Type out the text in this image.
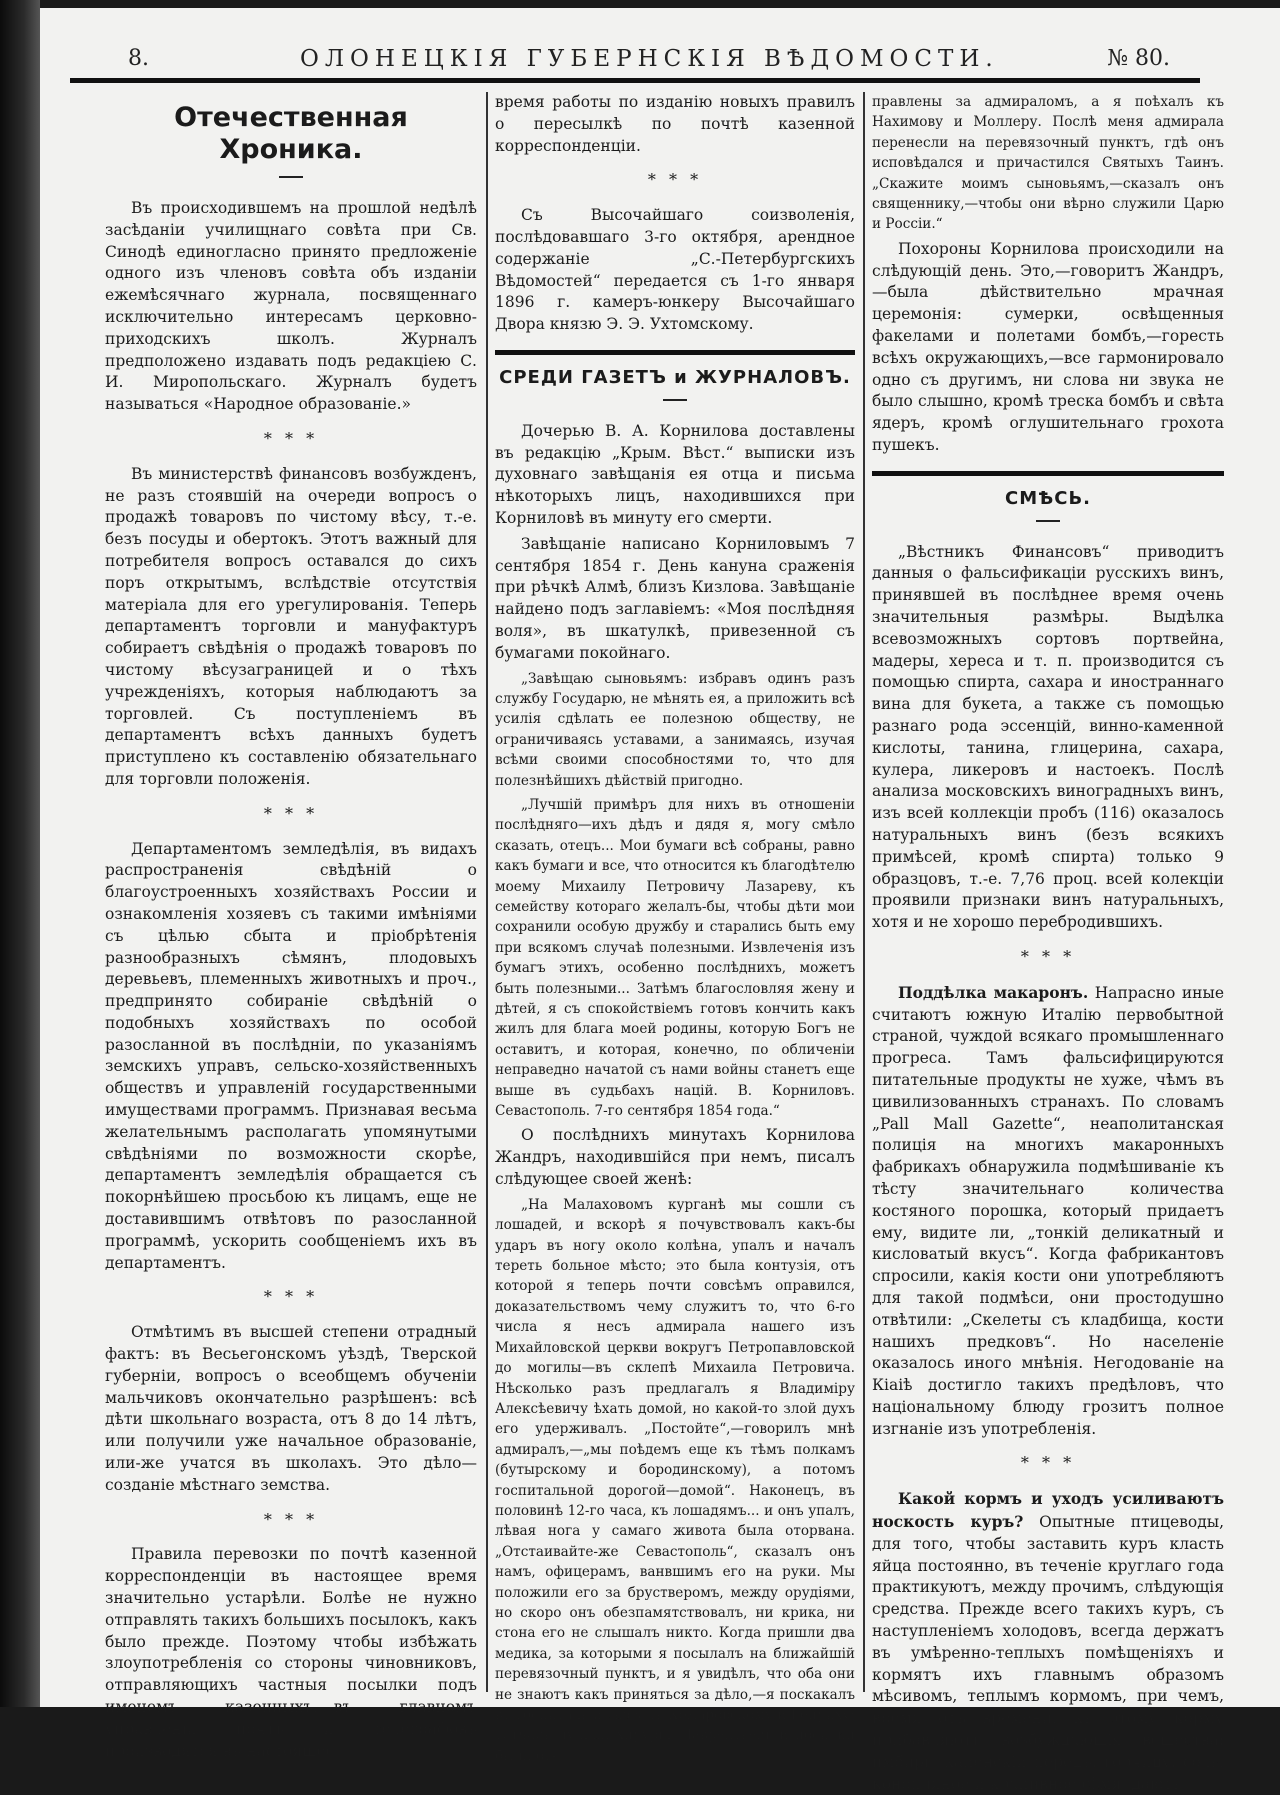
8.	ОЛОНЕЦКІЯ ГУБЕРНСКІЯ ВѢДОМОСТИ.	№ 80.
Отечественная Хроника.

Въ происходившемъ на прошлой недѣлѣ засѣданіи училищнаго совѣта при Св. Синодѣ единогласно принято предложеніе одного изъ членовъ совѣта объ изданіи ежемѣсячнаго журнала, посвященнаго исключительно интересамъ церковно-приходскихъ школъ. Журналъ предположено издавать подъ редакціею С. И. Миропольскаго. Журналъ будетъ называться «Народное образованіе.»

* * *

Въ министерствѣ финансовъ возбужденъ, не разъ стоявшій на очереди вопросъ о продажѣ товаровъ по чистому вѣсу, т.-е. безъ посуды и обертокъ. Этотъ важный для потребителя вопросъ оставался до сихъ поръ открытымъ, вслѣдствіе отсутствія матеріала для его урегулированія. Теперь департаментъ торговли и мануфактуръ собираетъ свѣдѣнія о продажѣ товаровъ по чистому вѣсузаграницей и о тѣхъ учрежденіяхъ, которыя наблюдаютъ за торговлей. Съ поступленіемъ въ департаментъ всѣхъ данныхъ будетъ приступлено къ составленію обязательнаго для торговли положенія.

* * *

Департаментомъ земледѣлія, въ видахъ распространенія свѣдѣній о благоустроенныхъ хозяйствахъ России и ознакомленія хозяевъ съ такими имѣніями съ цѣлью сбыта и пріобрѣтенія разнообразныхъ сѣмянъ, плодовыхъ деревьевъ, племенныхъ животныхъ и проч., предпринято собираніе свѣдѣній о подобныхъ хозяйствахъ по особой разосланной въ послѣдніи, по указаніямъ земскихъ управъ, сельско-хозяйственныхъ обществъ и управленій государственными имуществами программъ. Признавая весьма желательнымъ располагать упомянутыми свѣдѣніями по возможности скорѣе, департаментъ земледѣлія обращается съ покорнѣйшею просьбою къ лицамъ, еще не доставившимъ отвѣтовъ по разосланной программѣ, ускорить сообщеніемъ ихъ въ департаментъ.

* * *

Отмѣтимъ въ высшей степени отрадный фактъ: въ Весьегонскомъ уѣздѣ, Тверской губерніи, вопросъ о всеобщемъ обученіи мальчиковъ окончательно разрѣшенъ: всѣ дѣти школьнаго возраста, отъ 8 до 14 лѣтъ, или получили уже начальное образованіе, или-же учатся въ школахъ. Это дѣло—созданіе мѣстнаго земства.

* * *

Правила перевозки по почтѣ казенной корреспонденціи въ настоящее время значительно устарѣли. Болѣе не нужно отправлять такихъ большихъ посылокъ, какъ было прежде. Поэтому чтобы избѣжать злоупотребленія со стороны чиновниковъ, отправляющихъ частныя посылки подъ именемъ казенныхъ,—въ главномъ управленіи почтъ и телеграфовъ производятся въ настоящее

время работы по изданію новыхъ правилъ о пересылкѣ по почтѣ казенной корреспонденціи.

* * *

Съ Высочайшаго соизволенія, послѣдовавшаго 3-го октября, арендное содержаніе „С.-Петербургскихъ Вѣдомостей“ передается съ 1-го января 1896 г. камеръ-юнкеру Высочайшаго Двора князю Э. Э. Ухтомскому.

СРЕДИ ГАЗЕТЪ и ЖУРНАЛОВЪ.

Дочерью В. А. Корнилова доставлены въ редакцію „Крым. Вѣст.“ выписки изъ духовнаго завѣщанія ея отца и письма нѣкоторыхъ лицъ, находившихся при Корниловѣ въ минуту его смерти.

Завѣщаніе написано Корниловымъ 7 сентября 1854 г. День кануна сраженія при рѣчкѣ Алмѣ, близъ Кизлова. Завѣщаніе найдено подъ заглавіемъ: «Моя послѣдняя воля», въ шкатулкѣ, привезенной съ бумагами покойнаго.

„Завѣщаю сыновьямъ: избравъ одинъ разъ службу Государю, не мѣнять ея, а приложить всѣ усилія сдѣлать ее полезною обществу, не ограничиваясь уставами, а занимаясь, изучая всѣми своими способностями то, что для полезнѣйшихъ дѣйствій пригодно.

„Лучшій примѣръ для нихъ въ отношеніи послѣдняго—ихъ дѣдъ и дядя я, могу смѣло сказать, отецъ... Мои бумаги всѣ собраны, равно какъ бумаги и все, что относится къ благодѣтелю моему Михаилу Петровичу Лазареву, къ семейству котораго желалъ-бы, чтобы дѣти мои сохранили особую дружбу и старались быть ему при всякомъ случаѣ полезными. Извлеченія изъ бумагъ этихъ, особенно послѣднихъ, можетъ быть полезными... Затѣмъ благословляя жену и дѣтей, я съ спокойствіемъ готовъ кончить какъ жилъ для блага моей родины, которую Богъ не оставитъ, и которая, конечно, по обличеніи неправедно начатой съ нами войны станетъ еще выше въ судьбахъ націй. В. Корниловъ. Севастополь. 7-го сентября 1854 года.“

О послѣднихъ минутахъ Корнилова Жандръ, находившійся при немъ, писалъ слѣдующее своей женѣ:

„На Малаховомъ курганѣ мы сошли съ лошадей, и вскорѣ я почувствовалъ какъ-бы ударъ въ ногу около колѣна, упалъ и началъ тереть больное мѣсто; это была контузія, отъ которой я теперь почти совсѣмъ оправился, доказательствомъ чему служитъ то, что 6-го числа я несъ адмирала нашего изъ Михайловской церкви вокругъ Петропавловской до могилы—въ склепѣ Михаила Петровича. Нѣсколько разъ предлагалъ я Владиміру Алексѣевичу ѣхать домой, но какой-то злой духъ его удерживалъ. „Постойте“,—говорилъ мнѣ адмиралъ,—„мы поѣдемъ еще къ тѣмъ полкамъ (бутырскому и бородинскому), а потомъ госпитальной дорогой—домой“. Наконецъ, въ половинѣ 12-го часа, къ лошадямъ... и онъ упалъ, лѣвая нога у самаго живота была оторвана. „Отстаивайте-же Севастополь“, сказалъ онъ намъ, офицерамъ, ванвшимъ его на руки. Мы положили его за брустверомъ, между орудіями, но скоро онъ обезпамятствовалъ, ни крика, ни стона его не слышалъ никто. Когда пришли два медика, за которыми я посылалъ на ближайшій перевязочный пунктъ, и я увидѣлъ, что оба они не знаютъ какъ приняться за дѣло,—я поскакалъ въ госпиталь и сказалъ Комаровскому и Генриху; тотчасъ лучшій хирургъ Лаврентьевъ и носилки были от-

правлены за адмираломъ, а я поѣхалъ къ Нахимову и Моллеру. Послѣ меня адмирала перенесли на перевязочный пунктъ, гдѣ онъ исповѣдался и причастился Святыхъ Таинъ. „Скажите моимъ сыновьямъ,—сказалъ онъ священнику,—чтобы они вѣрно служили Царю и Россіи.“

Похороны Корнилова происходили на слѣдующій день. Это,—говоритъ Жандръ,—была дѣйствительно мрачная церемонія: сумерки, освѣщенныя факелами и полетами бомбъ,—горесть всѣхъ окружающихъ,—все гармонировало одно съ другимъ, ни слова ни звука не было слышно, кромѣ треска бомбъ и свѣта ядеръ, кромѣ оглушительнаго грохота пушекъ.

СМѢСЬ.

„Вѣстникъ Финансовъ“ приводитъ данныя о фальсификаціи русскихъ винъ, принявшей въ послѣднее время очень значительныя размѣры. Выдѣлка всевозможныхъ сортовъ портвейна, мадеры, хереса и т. п. производится съ помощью спирта, сахара и иностраннаго вина для букета, а также съ помощью разнаго рода эссенцій, винно-каменной кислоты, танина, глицерина, сахара, кулера, ликеровъ и настоекъ. Послѣ анализа московскихъ виноградныхъ винъ, изъ всей коллекціи пробъ (116) оказалось натуральныхъ винъ (безъ всякихъ примѣсей, кромѣ спирта) только 9 образцовъ, т.-е. 7,76 проц. всей колекціи проявили признаки винъ натуральныхъ, хотя и не хорошо перебродившихъ.

* * *

Поддѣлка макаронъ. Напрасно иные считаютъ южную Италію первобытной страной, чуждой всякаго промышленнаго прогреса. Тамъ фальсифицируются питательные продукты не хуже, чѣмъ въ цивилизованныхъ странахъ. По словамъ „Pall Mall Gazette“, неаполитанская полиція на многихъ макаронныхъ фабрикахъ обнаружила подмѣшиваніе къ тѣсту значительнаго количества костяного порошка, который придаетъ ему, видите ли, „тонкій деликатный и кисловатый вкусъ“. Когда фабрикантовъ спросили, какія кости они употребляютъ для такой подмѣси, они простодушно отвѣтили: „Скелеты съ кладбища, кости нашихъ предковъ“. Но населеніе оказалось иного мнѣнія. Негодованіе на Кіаіѣ достигло такихъ предѣловъ, что національному блюду грозитъ полное изгнаніе изъ употребленія.

* * *

Какой кормъ и уходъ усиливаютъ носкость куръ? Опытные птицеводы, для того, чтобы заставить куръ класть яйца постоянно, въ теченіе круглаго года практикуютъ, между прочимъ, слѣдующія средства. Прежде всего такихъ куръ, съ наступленіемъ холодовъ, всегда держатъ въ умѣренно-теплыхъ помѣщеніяхъ и кормятъ ихъ главнымъ образомъ мѣсивомъ, теплымъ кормомъ, при чемъ, время отъ времени, къ этому корму прибавляютъ возбуждающія вещества: имбирь, кайенскій перецъ, горчицу, соль, конопляное и крапивное сѣмя, даютъ
